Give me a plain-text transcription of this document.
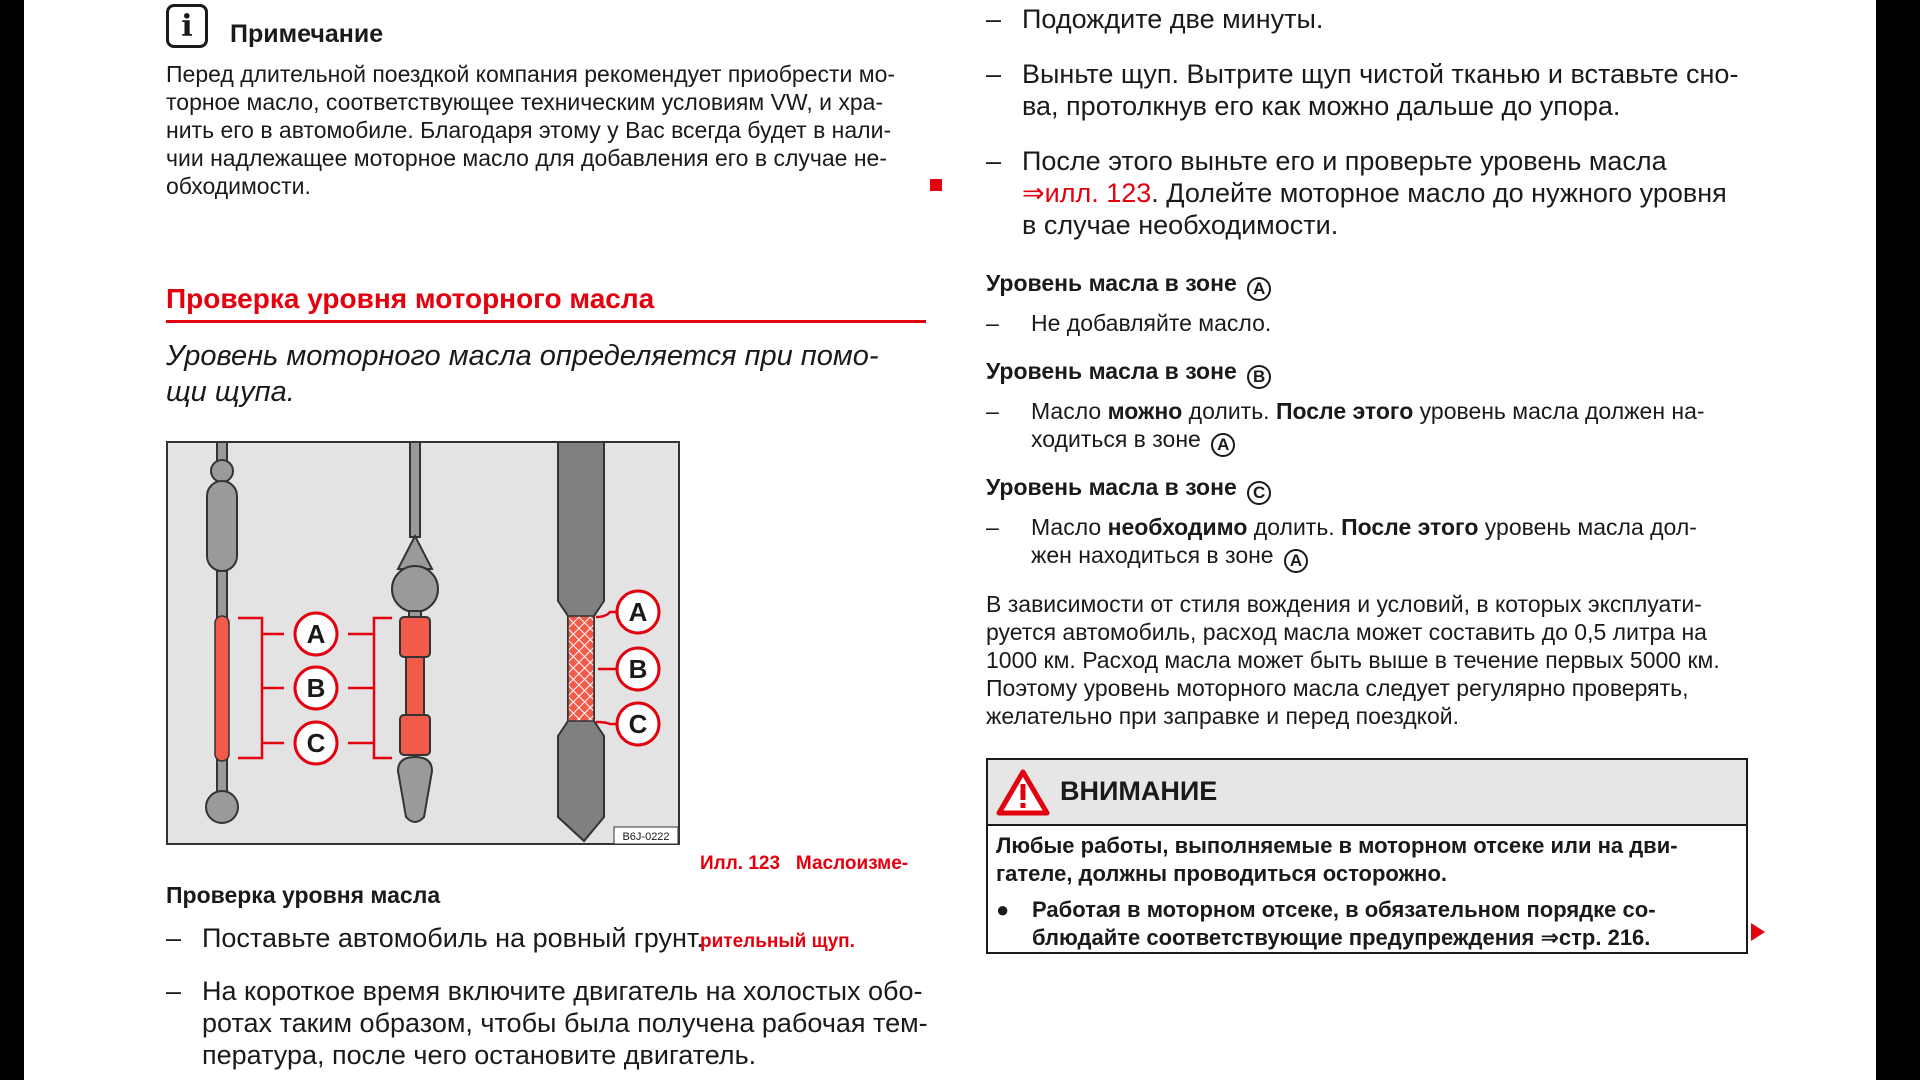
i	Примечание
Перед длительной поездкой компания рекомендует приобрести мо-
торное масло, соответствующее техническим условиям VW, и хра-
нить его в автомобиле. Благодаря этому у Вас всегда будет в нали-
чии надлежащее моторное масло для добавления его в случае не-
обходимости.
Проверка уровня моторного масла
Уровень моторного масла определяется при помо-
щи щупа.
A
B
C
A
B
C
B6J-0222

Илл. 123   Маслоизме-

рительный щуп.

Проверка уровня масла
– Поставьте автомобиль на ровный грунт.
– На короткое время включите двигатель на холостых обо-
ротах таким образом, чтобы была получена рабочая тем-
пература, после чего остановите двигатель.
– Подождите две минуты.
– Выньте щуп. Вытрите щуп чистой тканью и вставьте сно-
ва, протолкнув его как можно дальше до упора.
– После этого выньте его и проверьте уровень масла
⇒илл. 123. Долейте моторное масло до нужного уровня
в случае необходимости.
Уровень масла в зоне A
–	Не добавляйте масло.
Уровень масла в зоне B
–	Масло можно долить. После этого уровень масла должен на-
ходиться в зоне A
Уровень масла в зоне C
–	Масло необходимо долить. После этого уровень масла дол-
жен находиться в зоне A
В зависимости от стиля вождения и условий, в которых эксплуати-
руется автомобиль, расход масла может составить до 0,5 литра на
1000 км. Расход масла может быть выше в течение первых 5000 км.
Поэтому уровень моторного масла следует регулярно проверять,
желательно при заправке и перед поездкой.
ВНИМАНИЕ
Любые работы, выполняемые в моторном отсеке или на дви-
гателе, должны проводиться осторожно.
●	Работая в моторном отсеке, в обязательном порядке со-
блюдайте соответствующие предупреждения ⇒стр. 216.
